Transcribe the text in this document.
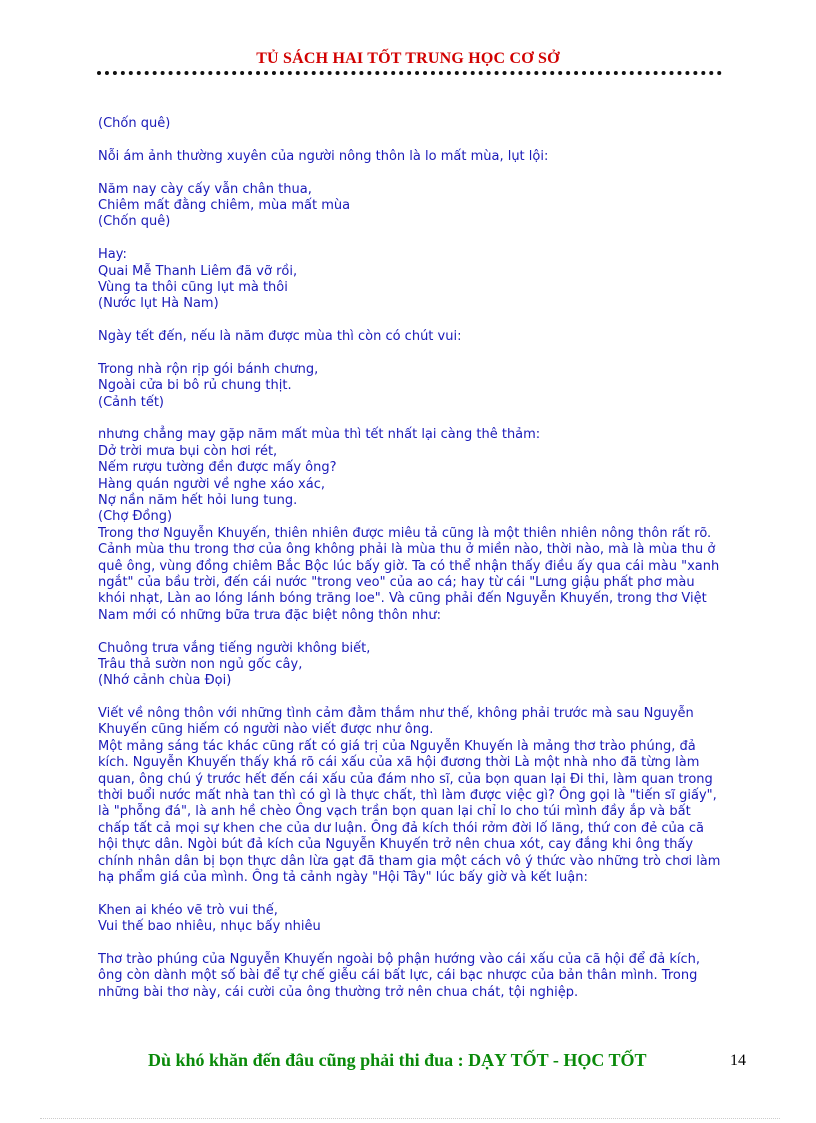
TỦ SÁCH HAI TỐT TRUNG HỌC CƠ SỞ
(Chốn quê)
Nỗi ám ảnh thường xuyên của người nông thôn là lo mất mùa, lụt lội:
Năm nay cày cấy vẫn chân thua,
Chiêm mất đằng chiêm, mùa mất mùa
(Chốn quê)
Hay:
Quai Mễ Thanh Liêm đã vỡ rồi,
Vùng ta thôi cũng lụt mà thôi
(Nước lụt Hà Nam)
Ngày tết đến, nếu là năm được mùa thì còn có chút vui:
Trong nhà rộn rịp gói bánh chưng,
Ngoài cửa bi bô rủ chung thịt.
(Cảnh tết)
nhưng chẳng may gặp năm mất mùa thì tết nhất lại càng thê thảm:
Dở trời mưa bụi còn hơi rét,
Nếm rượu tường đền được mấy ông?
Hàng quán người về nghe xáo xác,
Nợ nần năm hết hỏi lung tung.
(Chợ Đồng)
Trong thơ Nguyễn Khuyến, thiên nhiên được miêu tả cũng là một thiên nhiên nông thôn rất rõ.
Cảnh mùa thu trong thơ của ông không phải là mùa thu ở miền nào, thời nào, mà là mùa thu ở
quê ông, vùng đồng chiêm Bắc Bộc lúc bấy giờ. Ta có thể nhận thấy điều ấy qua cái màu "xanh
ngắt" của bầu trời, đến cái nước "trong veo" của ao cá; hay từ cái "Lưng giậu phất phơ màu
khói nhạt, Làn ao lóng lánh bóng trăng loe". Và cũng phải đến Nguyễn Khuyến, trong thơ Việt
Nam mới có những bữa trưa đặc biệt nông thôn như:
Chuông trưa vắng tiếng người không biết,
Trâu thả sườn non ngủ gốc cây,
(Nhớ cảnh chùa Đọi)
Viết về nông thôn với những tình cảm đằm thắm như thế, không phải trước mà sau Nguyễn
Khuyến cũng hiếm có người nào viết được như ông.
Một mảng sáng tác khác cũng rất có giá trị của Nguyễn Khuyến là mảng thơ trào phúng, đả
kích. Nguyễn Khuyến thấy khá rõ cái xấu của xã hội đương thời Là một nhà nho đã từng làm
quan, ông chú ý trước hết đến cái xấu của đám nho sĩ, của bọn quan lại Đi thi, làm quan trong
thời buổi nước mất nhà tan thì có gì là thực chất, thì làm được việc gì? Ông gọi là "tiến sĩ giấy",
là "phỗng đá", là anh hề chèo Ông vạch trần bọn quan lại chỉ lo cho túi mình đầy ắp và bất
chấp tất cả mọi sự khen che của dư luận. Ông đả kích thói rởm đời lố lăng, thứ con đẻ của cã
hội thực dân. Ngòi bút đả kích của Nguyễn Khuyến trở nên chua xót, cay đắng khi ông thấy
chính nhân dân bị bọn thực dân lừa gạt đã tham gia một cách vô ý thức vào những trò chơi làm
hạ phẩm giá của mình. Ông tả cảnh ngày "Hội Tây" lúc bấy giờ và kết luận:
Khen ai khéo vẽ trò vui thế,
Vui thế bao nhiêu, nhục bấy nhiêu
Thơ trào phúng của Nguyễn Khuyến ngoài bộ phận hướng vào cái xấu của cã hội để đả kích,
ông còn dành một số bài để tự chế giễu cái bất lực, cái bạc nhược của bản thân mình. Trong
những bài thơ này, cái cười của ông thường trở nên chua chát, tội nghiệp.
Dù khó khăn đến đâu cũng phải thi đua : DẠY TỐT - HỌC TỐT	14
